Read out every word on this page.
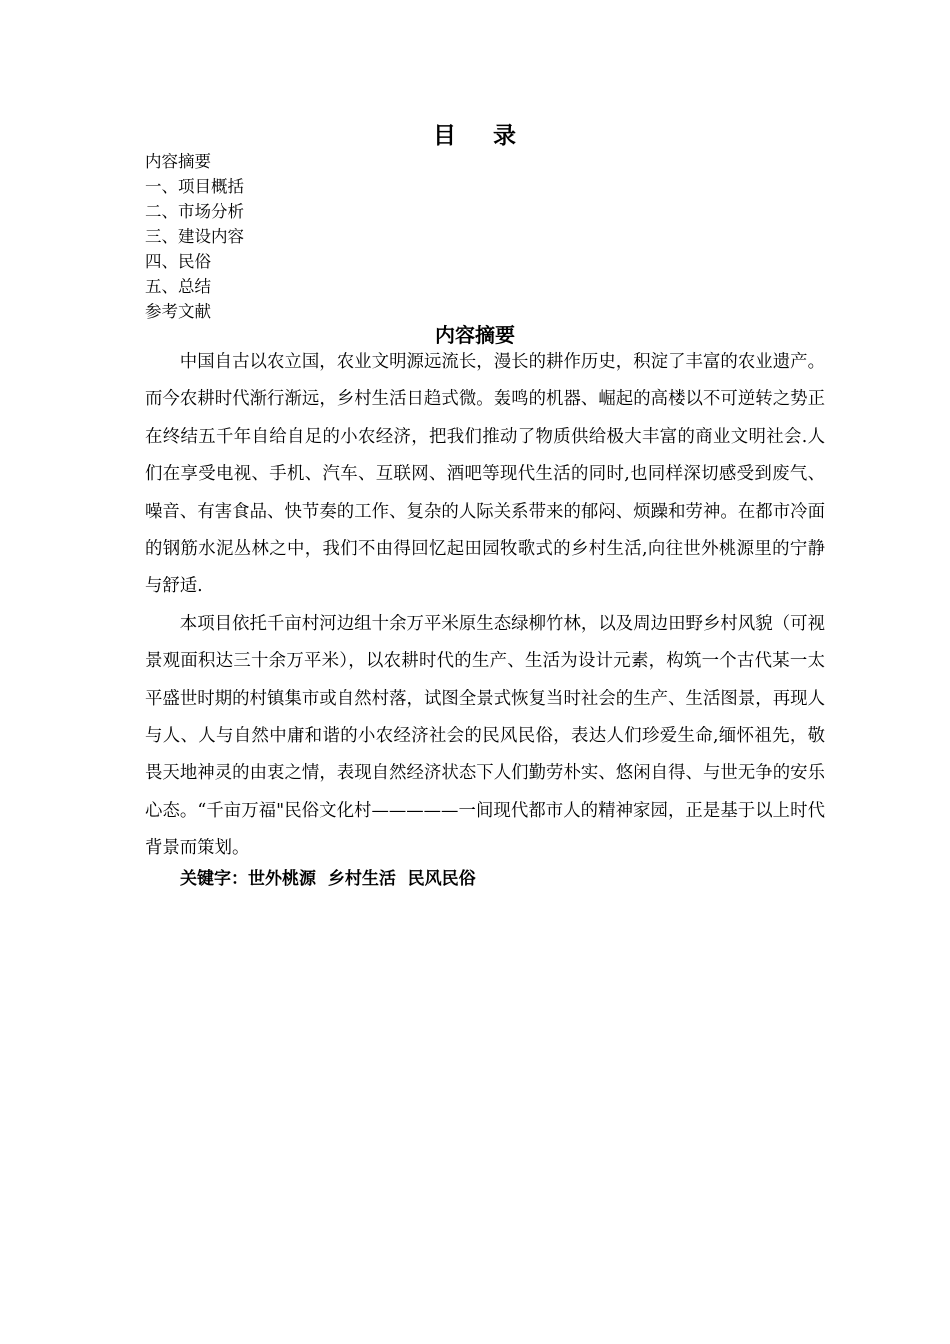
目 录
内容摘要
一、项目概括
二、市场分析
三、建设内容
四、民俗
五、总结
参考文献
内容摘要

中国自古以农立国，农业文明源远流长，漫长的耕作历史，积淀了丰富的农业遗产。而今农耕时代渐行渐远，乡村生活日趋式微。轰鸣的机器、崛起的高楼以不可逆转之势正在终结五千年自给自足的小农经济，把我们推动了物质供给极大丰富的商业文明社会.人们在享受电视、手机、汽车、互联网、酒吧等现代生活的同时,也同样深切感受到废气、噪音、有害食品、快节奏的工作、复杂的人际关系带来的郁闷、烦躁和劳神。在都市冷面的钢筋水泥丛林之中，我们不由得回忆起田园牧歌式的乡村生活,向往世外桃源里的宁静与舒适.

本项目依托千亩村河边组十余万平米原生态绿柳竹林，以及周边田野乡村风貌（可视景观面积达三十余万平米），以农耕时代的生产、生活为设计元素，构筑一个古代某一太平盛世时期的村镇集市或自然村落，试图全景式恢复当时社会的生产、生活图景，再现人与人、人与自然中庸和谐的小农经济社会的民风民俗，表达人们珍爱生命,缅怀祖先，敬畏天地神灵的由衷之情，表现自然经济状态下人们勤劳朴实、悠闲自得、与世无争的安乐心态。“千亩万福"民俗文化村—————一间现代都市人的精神家园，正是基于以上时代背景而策划。

关键字：世外桃源  乡村生活  民风民俗
